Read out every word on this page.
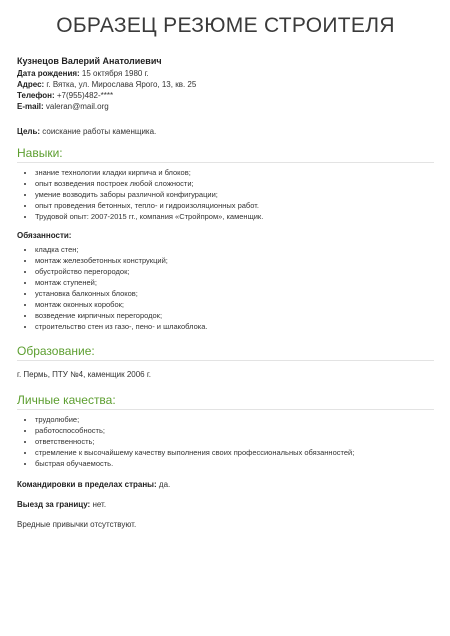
ОБРАЗЕЦ РЕЗЮМЕ СТРОИТЕЛЯ

Кузнецов Валерий Анатолиевич

Дата рождения: 15 октября 1980 г.

Адрес: г. Вятка, ул. Мирослава Ярого, 13, кв. 25

Телефон: +7(955)482-****

E-mail: valeran@mail.org

Цель: соискание работы каменщика.

Навыки:
• знание технологии кладки кирпича и блоков;
• опыт возведения построек любой сложности;
• умение возводить заборы различной конфигурации;
• опыт проведения бетонных, тепло- и гидроизоляционных работ.
• Трудовой опыт: 2007-2015 гг., компания «Стройпром», каменщик.

Обязанности:

• кладка стен;
• монтаж железобетонных конструкций;
• обустройство перегородок;
• монтаж ступеней;
• установка балконных блоков;
• монтаж оконных коробок;
• возведение кирпичных перегородок;
• строительство стен из газо-, пено- и шлакоблока.
Образование:

г. Пермь, ПТУ №4, каменщик 2006 г.

Личные качества:
• трудолюбие;
• работоспособность;
• ответственность;
• стремление к высочайшему качеству выполнения своих профессиональных обязанностей;
• быстрая обучаемость.

Командировки в пределах страны: да.

Выезд за границу: нет.

Вредные привычки отсутствуют.
